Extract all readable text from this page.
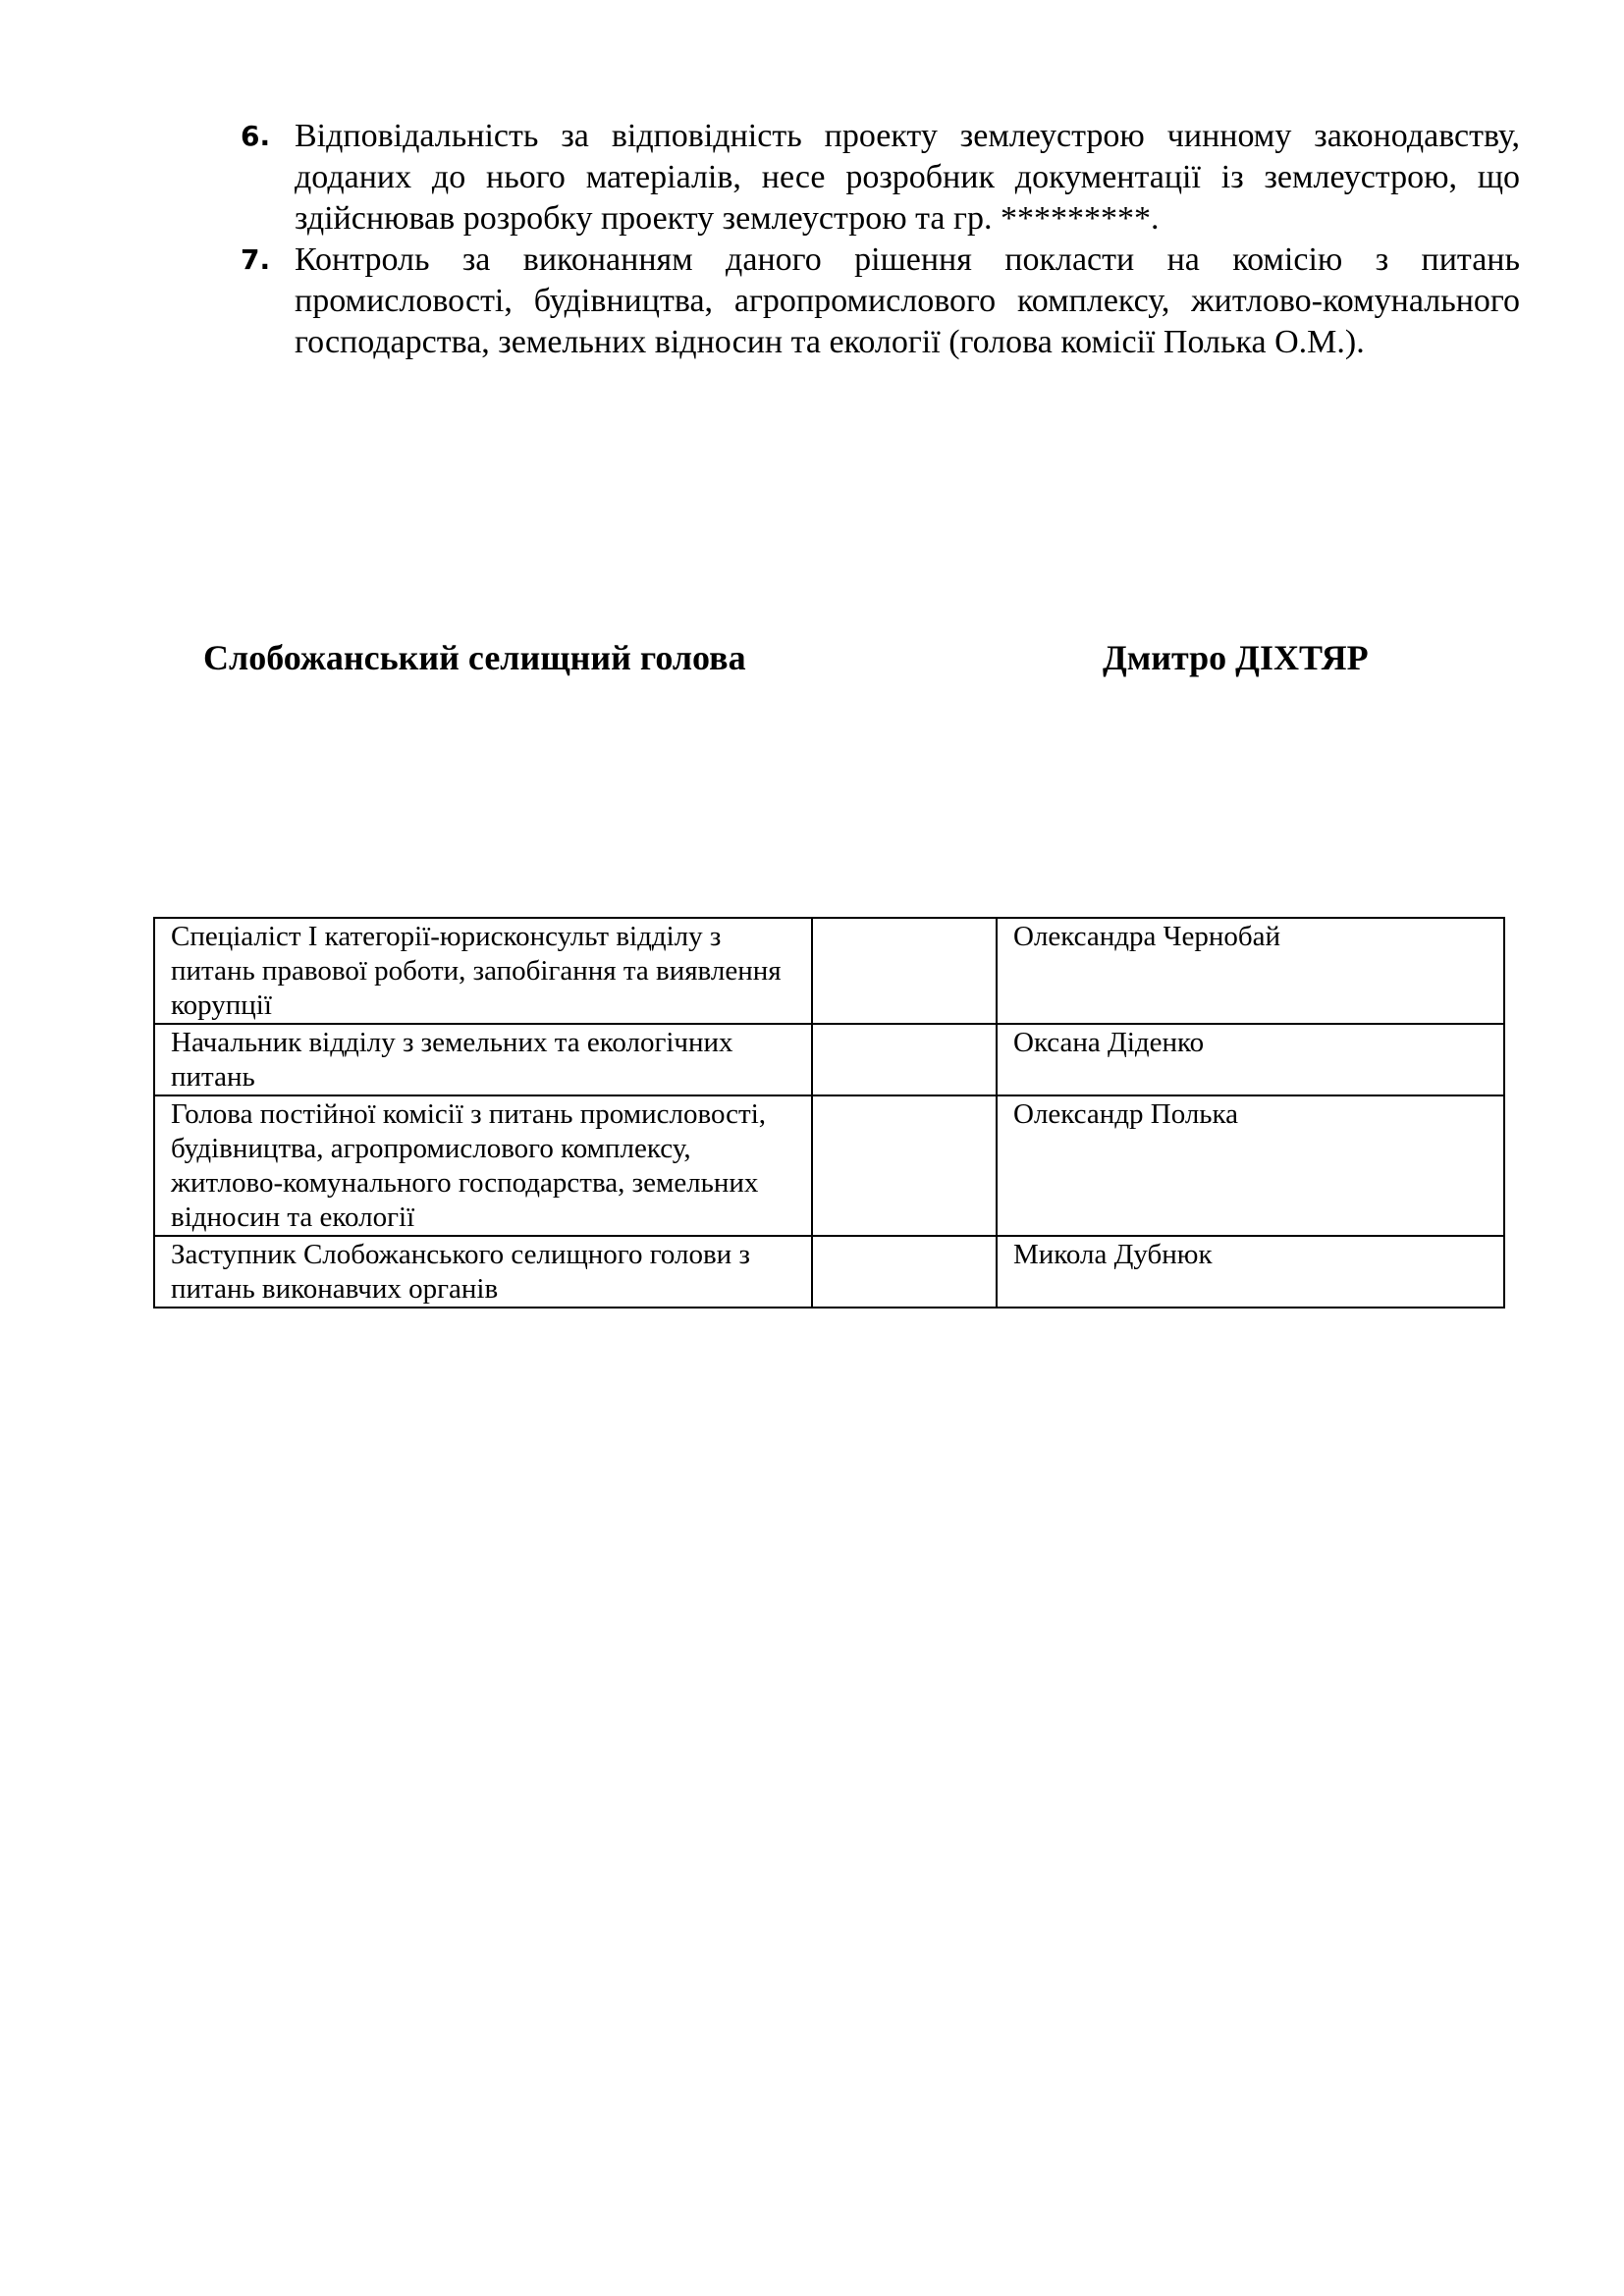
6. Відповідальність за відповідність проекту землеустрою чинному законодавству, доданих до нього матеріалів, несе розробник документації із землеустрою, що здійснював розробку проекту землеустрою та гр. *********.
7. Контроль за виконанням даного рішення покласти на комісію з питань промисловості, будівництва, агропромислового комплексу, житлово-комунального господарства, земельних відносин та екології (голова комісії Полька О.М.).
Слобожанський селищний голова	Дмитро ДІХТЯР
Спеціаліст І категорії-юрисконсульт відділу з питань правової роботи, запобігання та виявлення корупції		Олександра Чернобай
Начальник відділу з земельних та екологічних питань		Оксана Діденко
Голова постійної комісії з питань промисловості, будівництва, агропромислового комплексу, житлово-комунального господарства, земельних відносин та екології		Олександр Полька
Заступник Слобожанського селищного голови з питань виконавчих органів		Микола Дубнюк
